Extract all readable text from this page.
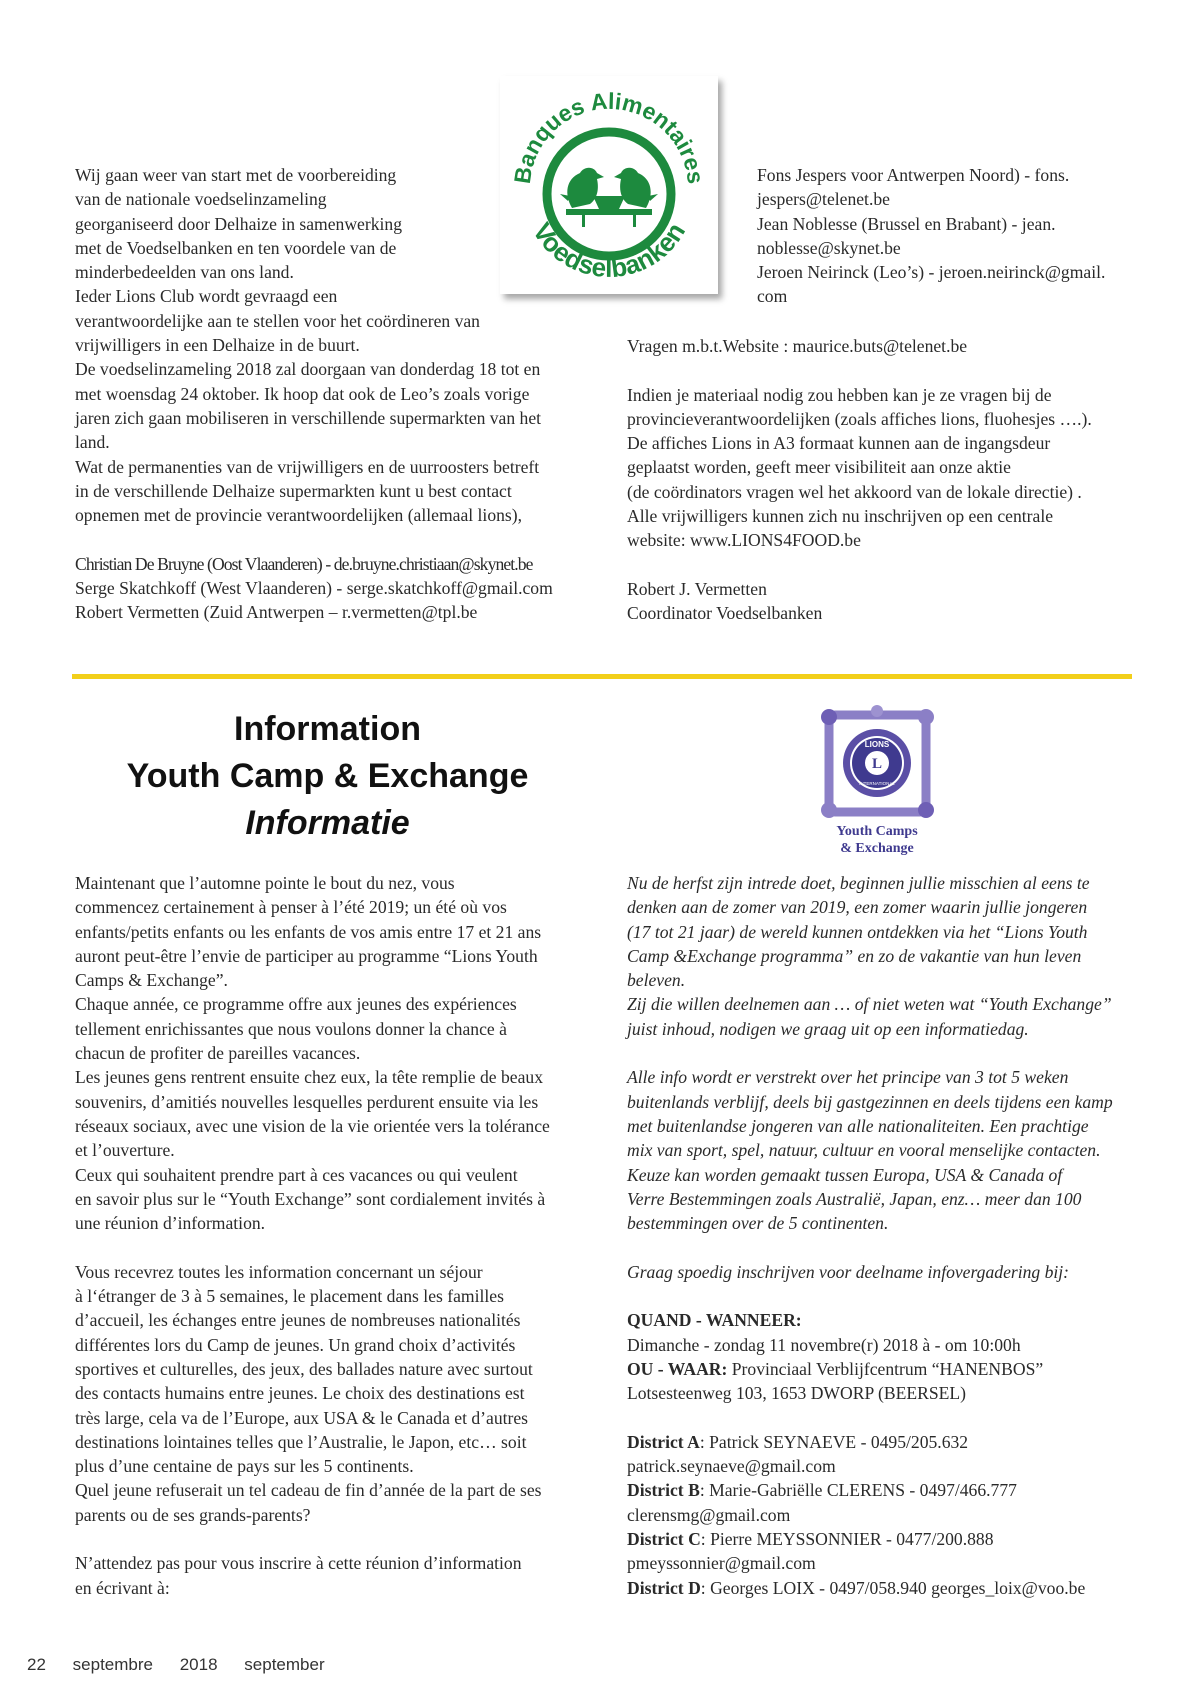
Wij gaan weer van start met de voorbereiding

van de nationale voedselinzameling

georganiseerd door Delhaize in samenwerking

met de Voedselbanken en ten voordele van de

minderbedeelden van ons land.

Ieder Lions Club wordt gevraagd een

verantwoordelijke aan te stellen voor het coördineren van

vrijwilligers in een Delhaize in de buurt.

De voedselinzameling 2018 zal doorgaan van donderdag 18 tot en

met woensdag 24 oktober. Ik hoop dat ook de Leo’s zoals vorige

jaren zich gaan mobiliseren in verschillende supermarkten van het

land.

Wat de permanenties van de vrijwilligers en de uurroosters betreft

in de verschillende Delhaize supermarkten kunt u best contact

opnemen met de provincie verantwoordelijken (allemaal lions),

Christian De Bruyne (Oost Vlaanderen) - de.bruyne.christiaan@skynet.be

Serge Skatchkoff (West Vlaanderen) - serge.skatchkoff@gmail.com

Robert Vermetten (Zuid Antwerpen – r.vermetten@tpl.be

Banques Alimentaires
Voedselbanken

Fons Jespers voor Antwerpen Noord) - fons.

jespers@telenet.be

Jean Noblesse (Brussel en Brabant) - jean.

noblesse@skynet.be

Jeroen Neirinck (Leo’s) - jeroen.neirinck@gmail.

com

Vragen m.b.t.Website : maurice.buts@telenet.be

Indien je materiaal nodig zou hebben kan je ze vragen bij de

provincieverantwoordelijken (zoals affiches lions, fluohesjes ….).

De affiches Lions in A3 formaat kunnen aan de ingangsdeur

geplaatst worden, geeft meer visibiliteit aan onze aktie

(de coördinators vragen wel het akkoord van de lokale directie) .

Alle vrijwilligers kunnen zich nu inschrijven op een centrale

website: www.LIONS4FOOD.be

Robert J. Vermetten

Coordinator Voedselbanken

Information
Youth Camp & Exchange
Informatie
L
LIONS
INTERNATIONAL
Youth Camps
& Exchange

Maintenant que l’automne pointe le bout du nez, vous

commencez certainement à penser à l’été 2019; un été où vos

enfants/petits enfants ou les enfants de vos amis entre 17 et 21 ans

auront peut-être l’envie de participer au programme “Lions Youth

Camps & Exchange”.

Chaque année, ce programme offre aux jeunes des expériences

tellement enrichissantes que nous voulons donner la chance à

chacun de profiter de pareilles vacances.

Les jeunes gens rentrent ensuite chez eux, la tête remplie de beaux

souvenirs, d’amitiés nouvelles lesquelles perdurent ensuite via les

réseaux sociaux, avec une vision de la vie orientée vers la tolérance

et l’ouverture.

Ceux qui souhaitent prendre part à ces vacances ou qui veulent

en savoir plus sur le “Youth Exchange” sont cordialement invités à

une réunion d’information.

Vous recevrez toutes les information concernant un séjour

à l‘étranger de 3 à 5 semaines, le placement dans les familles

d’accueil, les échanges entre jeunes de nombreuses nationalités

différentes lors du Camp de jeunes. Un grand choix d’activités

sportives et culturelles, des jeux, des ballades nature avec surtout

des contacts humains entre jeunes. Le choix des destinations est

très large, cela va de l’Europe, aux USA & le Canada et d’autres

destinations lointaines telles que l’Australie, le Japon, etc… soit

plus d’une centaine de pays sur les 5 continents.

Quel jeune refuserait un tel cadeau de fin d’année de la part de ses

parents ou de ses grands-parents?

N’attendez pas pour vous inscrire à cette réunion d’information

en écrivant à:

Nu de herfst zijn intrede doet, beginnen jullie misschien al eens te

denken aan de zomer van 2019, een zomer waarin jullie jongeren

(17 tot 21 jaar) de wereld kunnen ontdekken via het “Lions Youth

Camp &Exchange programma” en zo de vakantie van hun leven

beleven.

Zij die willen deelnemen aan … of niet weten wat “Youth Exchange”

juist inhoud, nodigen we graag uit op een informatiedag.

Alle info wordt er verstrekt over het principe van 3 tot 5 weken

buitenlands verblijf, deels bij gastgezinnen en deels tijdens een kamp

met buitenlandse jongeren van alle nationaliteiten. Een prachtige

mix van sport, spel, natuur, cultuur en vooral menselijke contacten.

Keuze kan worden gemaakt tussen Europa, USA & Canada of

Verre Bestemmingen zoals Australië, Japan, enz… meer dan 100

bestemmingen over de 5 continenten.

Graag spoedig inschrijven voor deelname infovergadering bij:

QUAND - WANNEER:

Dimanche - zondag 11 novembre(r) 2018 à - om 10:00h

OU - WAAR: Provinciaal Verblijfcentrum “HANENBOS”

Lotsesteenweg 103, 1653 DWORP (BEERSEL)

District A: Patrick SEYNAEVE - 0495/205.632

patrick.seynaeve@gmail.com

District B: Marie-Gabriëlle CLERENS - 0497/466.777

clerensmg@gmail.com

District C: Pierre MEYSSONNIER - 0477/200.888

pmeyssonnier@gmail.com

District D: Georges LOIX - 0497/058.940 georges_loix@voo.be

22 septembre 2018 september
